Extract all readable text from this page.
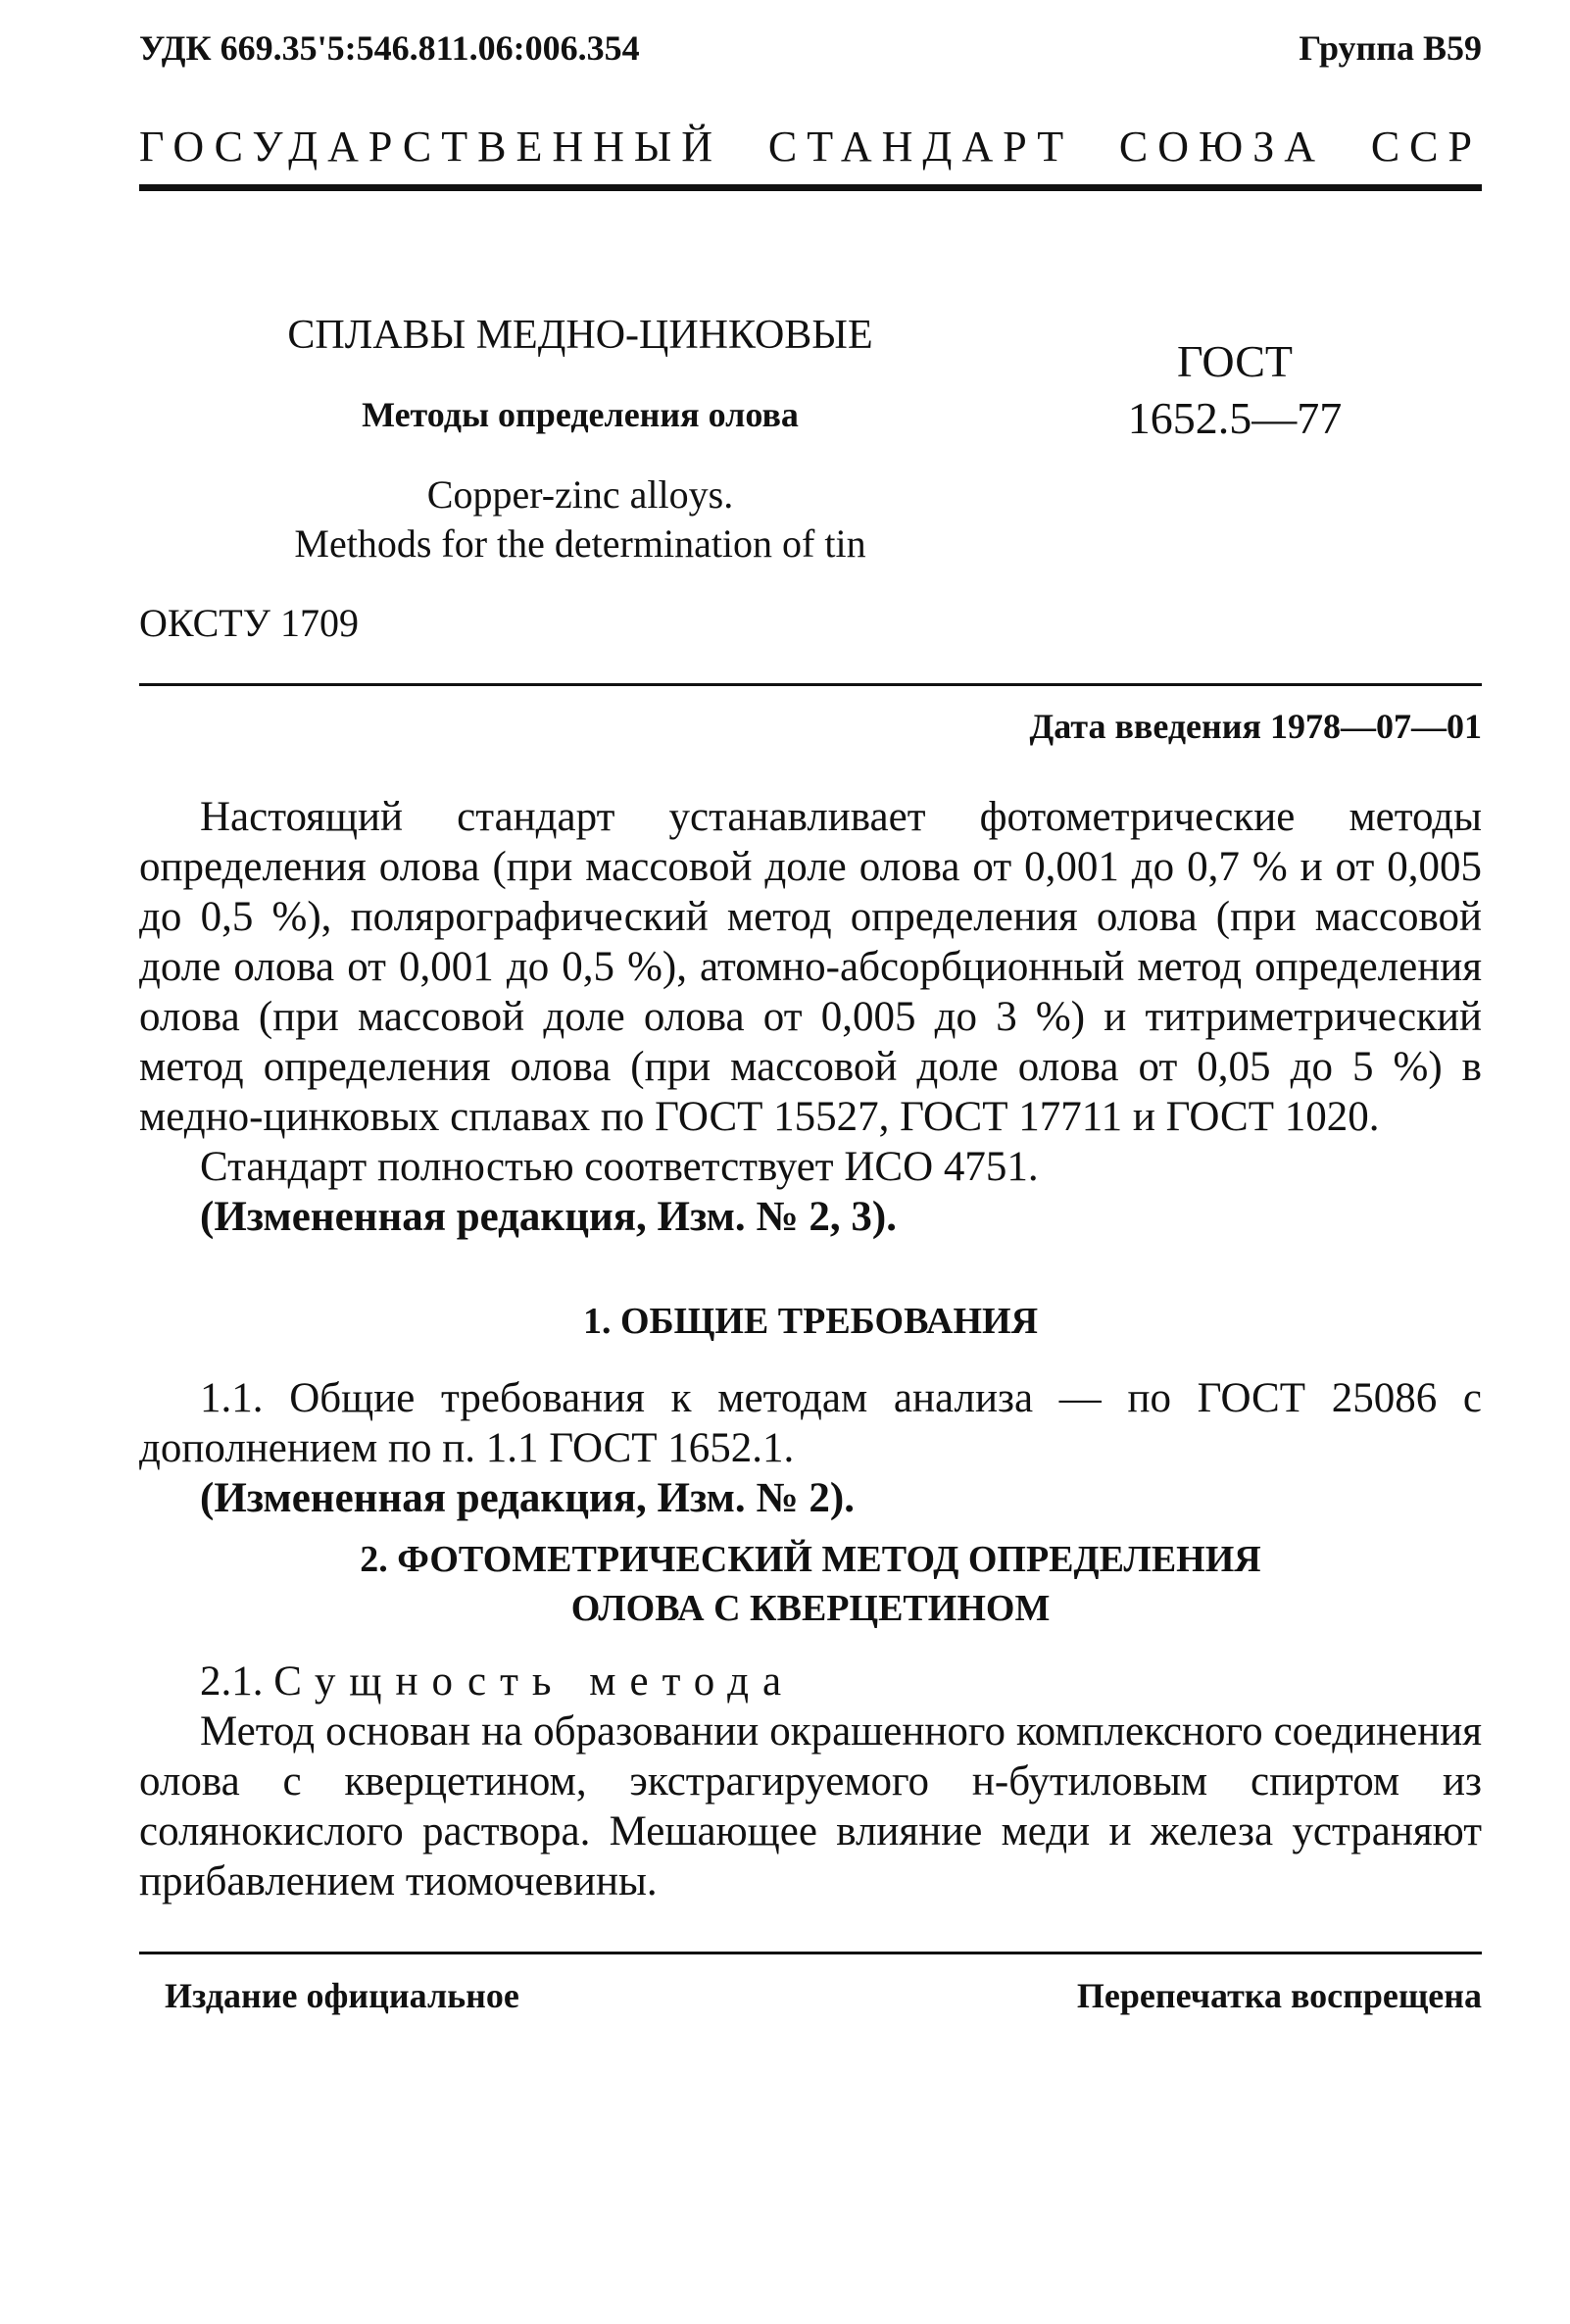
УДК 669.35'5:546.811.06:006.354	Группа В59
ГОСУДАРСТВЕННЫЙ СТАНДАРТ СОЮЗА ССР
СПЛАВЫ МЕДНО-ЦИНКОВЫЕ
Методы определения олова
Copper-zinc alloys.
Methods for the determination of tin
ГОСТ
1652.5—77
ОКСТУ 1709
Дата введения 1978—07—01

Настоящий стандарт устанавливает фотометрические методы определения олова (при массовой доле олова от 0,001 до 0,7 % и от 0,005 до 0,5 %), полярографический метод определения олова (при массовой доле олова от 0,001 до 0,5 %), атомно-абсорбционный метод определения олова (при массовой доле олова от 0,005 до 3 %) и титриметрический метод определения олова (при массовой доле олова от 0,05 до 5 %) в медно-цинковых сплавах по ГОСТ 15527, ГОСТ 17711 и ГОСТ 1020.

Стандарт полностью соответствует ИСО 4751.
(Измененная редакция, Изм. № 2, 3).
1. ОБЩИЕ ТРЕБОВАНИЯ

1.1. Общие требования к методам анализа — по ГОСТ 25086 с дополнением по п. 1.1 ГОСТ 1652.1.

(Измененная редакция, Изм. № 2).
2. ФОТОМЕТРИЧЕСКИЙ МЕТОД ОПРЕДЕЛЕНИЯ
ОЛОВА С КВЕРЦЕТИНОМ
2.1. Сущность метода

Метод основан на образовании окрашенного комплексного соединения олова с кверцетином, экстрагируемого н-бутиловым спиртом из солянокислого раствора. Мешающее влияние меди и железа устраняют прибавлением тиомочевины.

Издание официальное	Перепечатка воспрещена
